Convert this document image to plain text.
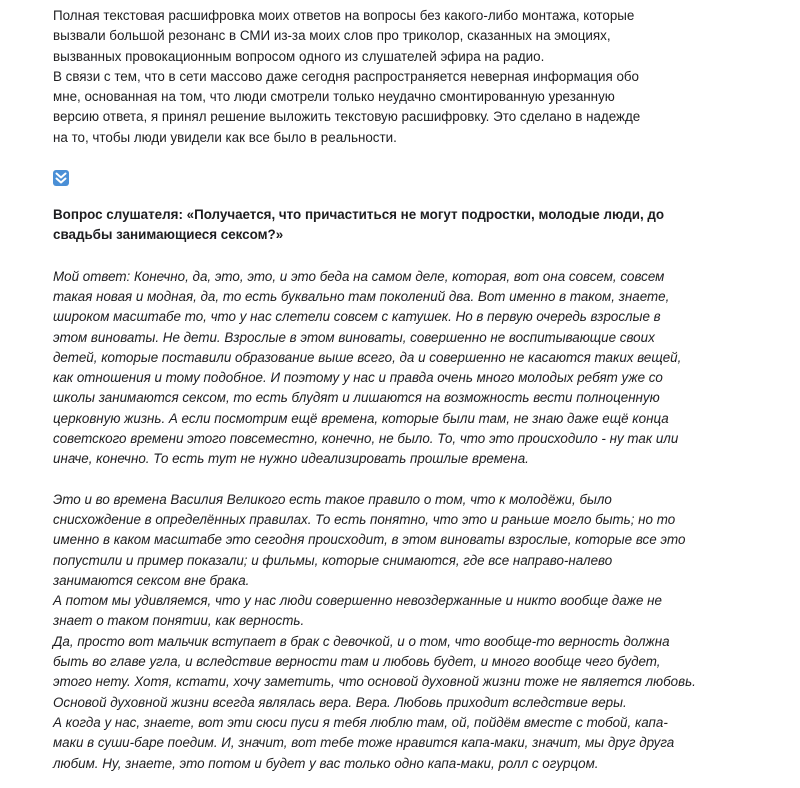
Полная текстовая расшифровка моих ответов на вопросы без какого-либо монтажа, которые
вызвали большой резонанс в СМИ из-за моих слов про триколор, сказанных на эмоциях,
вызванных провокационным вопросом одного из слушателей эфира на радио.
В связи с тем, что в сети массово даже сегодня распространяется неверная информация обо
мне, основанная на том, что люди смотрели только неудачно смонтированную урезанную
версию ответа, я принял решение выложить текстовую расшифровку. Это сделано в надежде
на то, чтобы люди увидели как все было в реальности.
Вопрос слушателя: «Получается, что причаститься не могут подростки, молодые люди, до
свадьбы занимающиеся сексом?»
Мой ответ: Конечно, да, это, это, и это беда на самом деле, которая, вот она совсем, совсем
такая новая и модная, да, то есть буквально там поколений два. Вот именно в таком, знаете,
широком масштабе то, что у нас слетели совсем с катушек. Но в первую очередь взрослые в
этом виноваты. Не дети. Взрослые в этом виноваты, совершенно не воспитывающие своих
детей, которые поставили образование выше всего, да и совершенно не касаются таких вещей,
как отношения и тому подобное. И поэтому у нас и правда очень много молодых ребят уже со
школы занимаются сексом, то есть блудят и лишаются на возможность вести полноценную
церковную жизнь. А если посмотрим ещё времена, которые были там, не знаю даже ещё конца
советского времени этого повсеместно, конечно, не было. То, что это происходило - ну так или
иначе, конечно. То есть тут не нужно идеализировать прошлые времена.
Это и во времена Василия Великого есть такое правило о том, что к молодёжи, было
снисхождение в определённых правилах. То есть понятно, что это и раньше могло быть; но то
именно в каком масштабе это сегодня происходит, в этом виноваты взрослые, которые все это
попустили и пример показали; и фильмы, которые снимаются, где все направо-налево
занимаются сексом вне брака.
А потом мы удивляемся, что у нас люди совершенно невоздержанные и никто вообще даже не
знает о таком понятии, как верность.
Да, просто вот мальчик вступает в брак с девочкой, и о том, что вообще-то верность должна
быть во главе угла, и вследствие верности там и любовь будет, и много вообще чего будет,
этого нету. Хотя, кстати, хочу заметить, что основой духовной жизни тоже не является любовь.
Основой духовной жизни всегда являлась вера. Вера. Любовь приходит вследствие веры.
А когда у нас, знаете, вот эти сюси пуси я тебя люблю там, ой, пойдём вместе с тобой, капа-
маки в суши-баре поедим. И, значит, вот тебе тоже нравится капа-маки, значит, мы друг друга
любим. Ну, знаете, это потом и будет у вас только одно капа-маки, ролл с огурцом.
